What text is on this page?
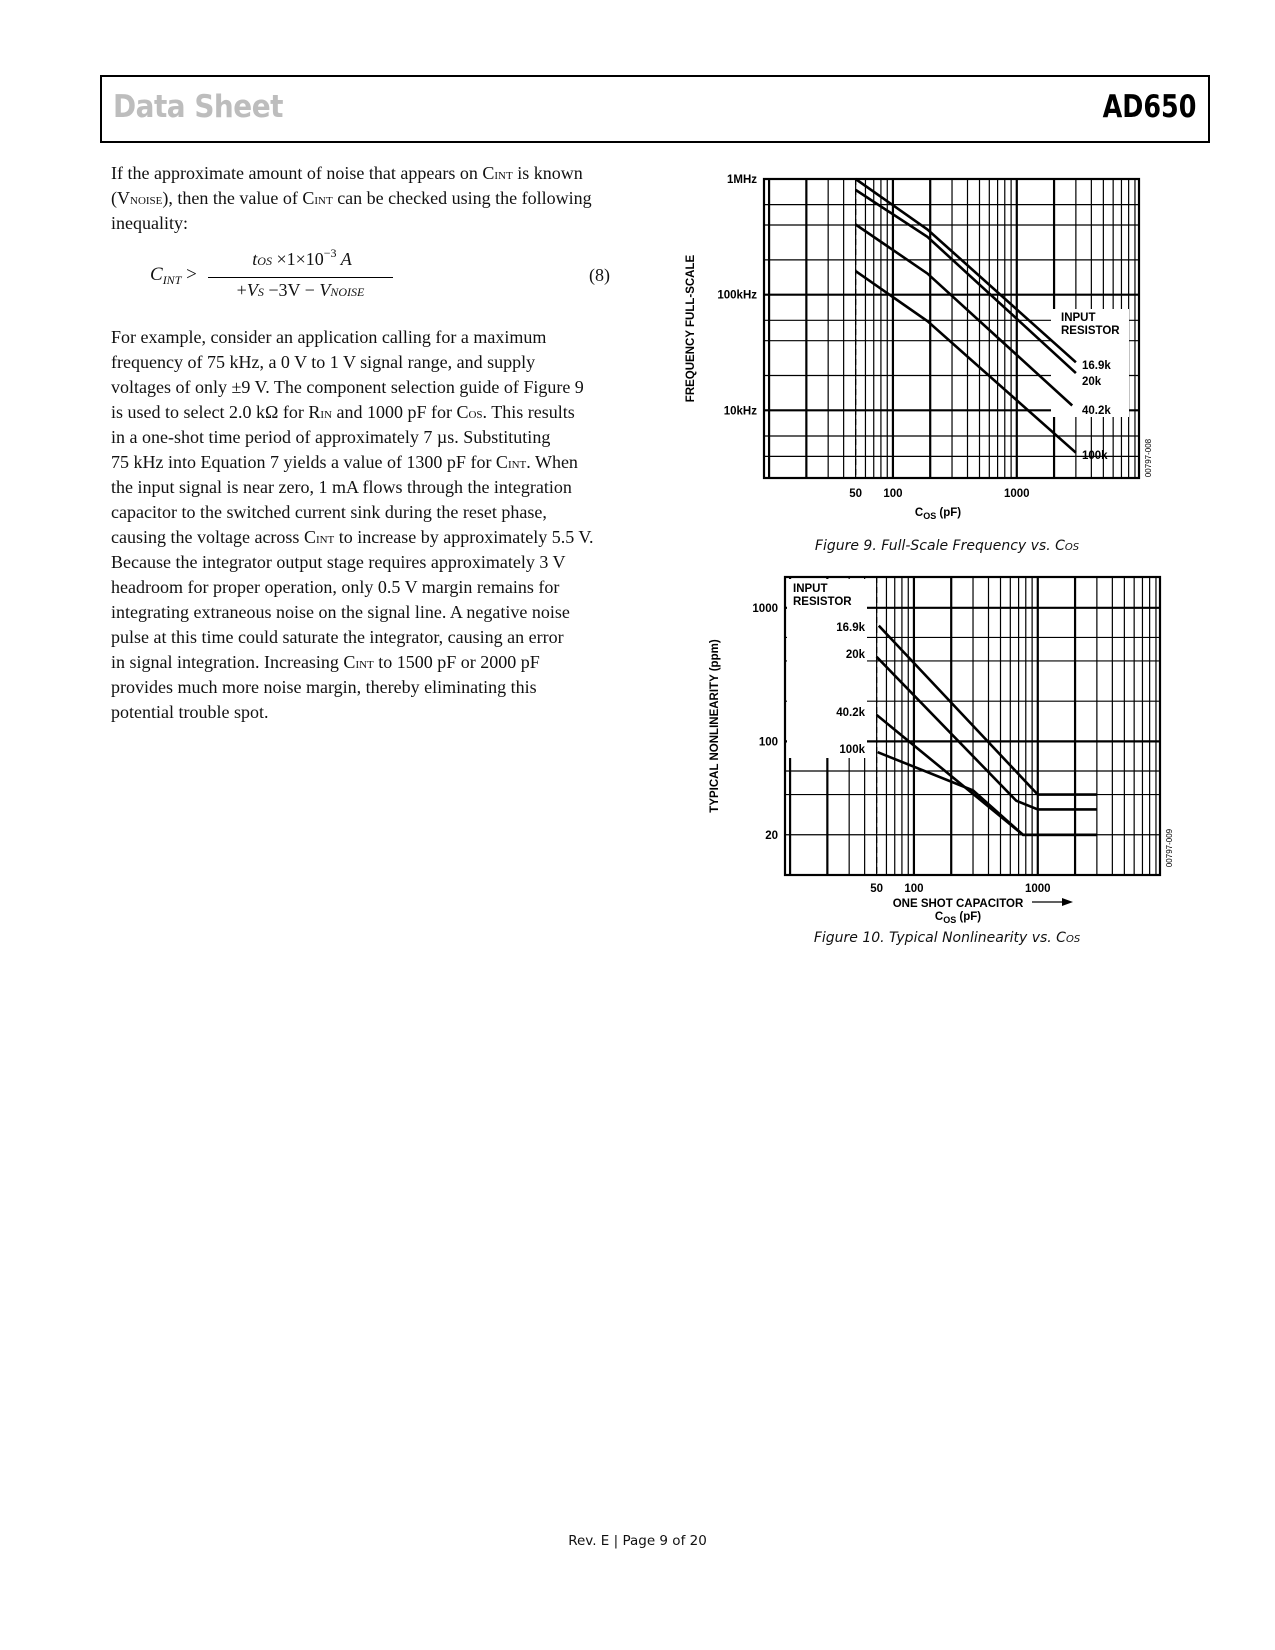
Data Sheet	AD650
If the approximate amount of noise that appears on CINT is known
(VNOISE), then the value of CINT can be checked using the following
inequality:
$C_{INT}$ >
tOS $\times 1\times 10^{-3}$ A
+VS −3V − VNOISE
(8)
For example, consider an application calling for a maximum
frequency of 75 kHz, a 0 V to 1 V signal range, and supply
voltages of only ±9 V. The component selection guide of Figure 9
is used to select 2.0 kΩ for RIN and 1000 pF for COS. This results
in a one-shot time period of approximately 7 µs. Substituting
75 kHz into Equation 7 yields a value of 1300 pF for CINT. When
the input signal is near zero, 1 mA flows through the integration
capacitor to the switched current sink during the reset phase,
causing the voltage across CINT to increase by approximately 5.5 V.
Because the integrator output stage requires approximately 3 V
headroom for proper operation, only 0.5 V margin remains for
integrating extraneous noise on the signal line. A negative noise
pulse at this time could saturate the integrator, causing an error
in signal integration. Increasing CINT to 1500 pF or 2000 pF
provides much more noise margin, thereby eliminating this
potential trouble spot.
Figure 9. Full-Scale Frequency vs. COS
Figure 10. Typical Nonlinearity vs. COS
16.9k
20k
40.2k
100k
INPUT
RESISTOR
50 100	1000
1MHz
100kHz
10kHz
FREQUENCY FULL-SCALE
00797-008
$C_{OS}$ (pF)
16.9k
20k
40.2k
100k
INPUT
RESISTOR
50 100	1000
1000
100
20
TYPICAL NONLINEARITY (ppm)
00797-009
ONE SHOT CAPACITOR
$C_{OS}$ (pF)
Rev. E | Page 9 of 20
